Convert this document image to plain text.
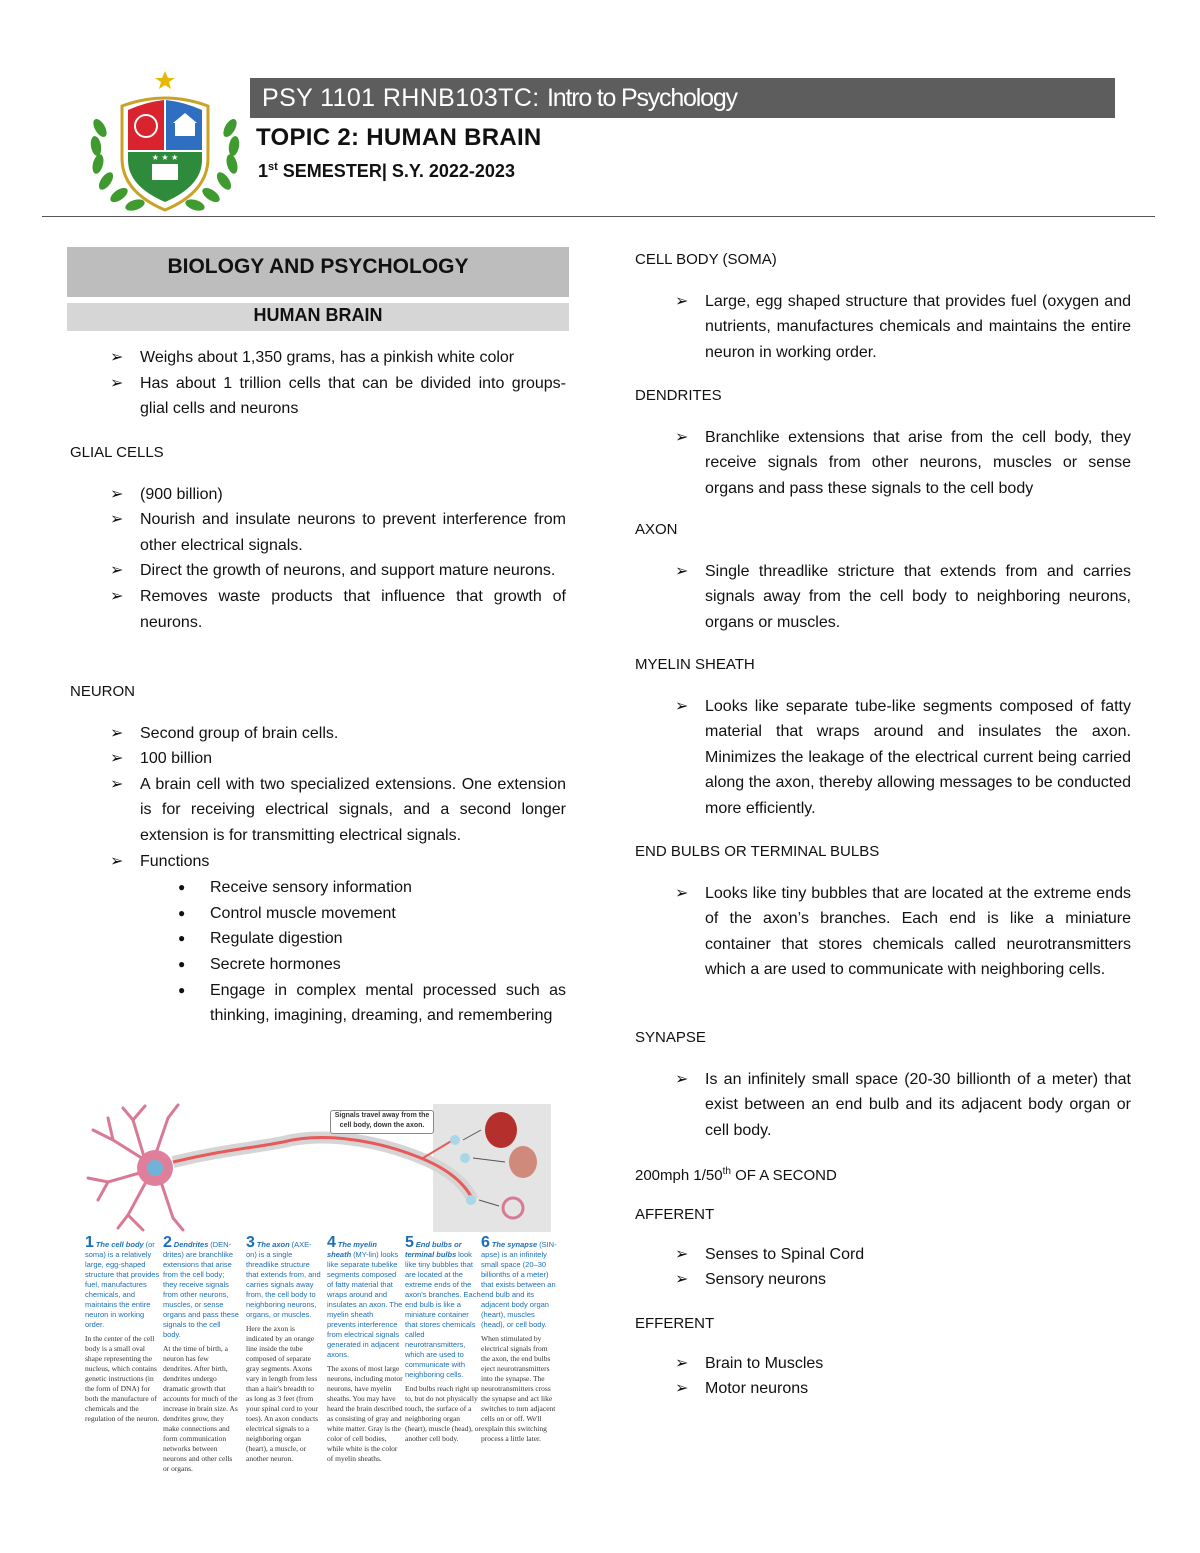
★ ★ ★
PSY 1101 RHNB103TC: Intro to Psychology
TOPIC 2: HUMAN BRAIN
1st SEMESTER| S.Y. 2022-2023
BIOLOGY AND PSYCHOLOGY
HUMAN BRAIN
➢ Weighs about 1,350 grams, has a pinkish white color
➢ Has about 1 trillion cells that can be divided into groups- glial cells and neurons

GLIAL CELLS

➢ (900 billion)
➢ Nourish and insulate neurons to prevent interference from other electrical signals.
➢ Direct the growth of neurons, and support mature neurons.
➢ Removes waste products that influence that growth of neurons.

NEURON

➢ Second group of brain cells.
➢ 100 billion
➢ A brain cell with two specialized extensions. One extension is for receiving electrical signals, and a second longer extension is for transmitting electrical signals.
➢ Functions
● Receive sensory information
● Control muscle movement
● Regulate digestion
● Secrete hormones
● Engage in complex mental processed such as thinking, imagining, dreaming, and remembering
Signals travel away from the cell body, down the axon.
1 The cell body (or soma) is a relatively large, egg-shaped structure that provides fuel, manufactures chemicals, and maintains the entire neuron in working order.
In the center of the cell body is a small oval shape representing the nucleus, which contains genetic instructions (in the form of DNA) for both the manufacture of chemicals and the regulation of the neuron.
2 Dendrites (DEN-drites) are branchlike extensions that arise from the cell body; they receive signals from other neurons, muscles, or sense organs and pass these signals to the cell body.
At the time of birth, a neuron has few dendrites. After birth, dendrites undergo dramatic growth that accounts for much of the increase in brain size. As dendrites grow, they make connections and form communication networks between neurons and other cells or organs.
3 The axon (AXE-on) is a single threadlike structure that extends from, and carries signals away from, the cell body to neighboring neurons, organs, or muscles.
Here the axon is indicated by an orange line inside the tube composed of separate gray segments. Axons vary in length from less than a hair's breadth to as long as 3 feet (from your spinal cord to your toes). An axon conducts electrical signals to a neighboring organ (heart), a muscle, or another neuron.
4 The myelin sheath (MY-lin) looks like separate tubelike segments composed of fatty material that wraps around and insulates an axon. The myelin sheath prevents interference from electrical signals generated in adjacent axons.
The axons of most large neurons, including motor neurons, have myelin sheaths. You may have heard the brain described as consisting of gray and white matter. Gray is the color of cell bodies, while white is the color of myelin sheaths.
5 End bulbs or terminal bulbs look like tiny bubbles that are located at the extreme ends of the axon's branches. Each end bulb is like a miniature container that stores chemicals called neurotransmitters, which are used to communicate with neighboring cells.
End bulbs reach right up to, but do not physically touch, the surface of a neighboring organ (heart), muscle (head), or another cell body.
6 The synapse (SIN-apse) is an infinitely small space (20–30 billionths of a meter) that exists between an end bulb and its adjacent body organ (heart), muscles (head), or cell body.
When stimulated by electrical signals from the axon, the end bulbs eject neurotransmitters into the synapse. The neurotransmitters cross the synapse and act like switches to turn adjacent cells on or off. We'll explain this switching process a little later.

CELL BODY (SOMA)

➢ Large, egg shaped structure that provides fuel (oxygen and nutrients, manufactures chemicals and maintains the entire neuron in working order.

DENDRITES

➢ Branchlike extensions that arise from the cell body, they receive signals from other neurons, muscles or sense organs and pass these signals to the cell body

AXON

➢ Single threadlike stricture that extends from and carries signals away from the cell body to neighboring neurons, organs or muscles.

MYELIN SHEATH

➢ Looks like separate tube-like segments composed of fatty material that wraps around and insulates the axon. Minimizes the leakage of the electrical current being carried along the axon, thereby allowing messages to be conducted more efficiently.

END BULBS OR TERMINAL BULBS

➢ Looks like tiny bubbles that are located at the extreme ends of the axon’s branches. Each end is like a miniature container that stores chemicals called neurotransmitters which a are used to communicate with neighboring cells.

SYNAPSE

➢ Is an infinitely small space (20-30 billionth of a meter) that exist between an end bulb and its adjacent body organ or cell body.
200mph 1/50th OF A SECOND

AFFERENT

➢ Senses to Spinal Cord
➢ Sensory neurons

EFFERENT

➢ Brain to Muscles
➢ Motor neurons
